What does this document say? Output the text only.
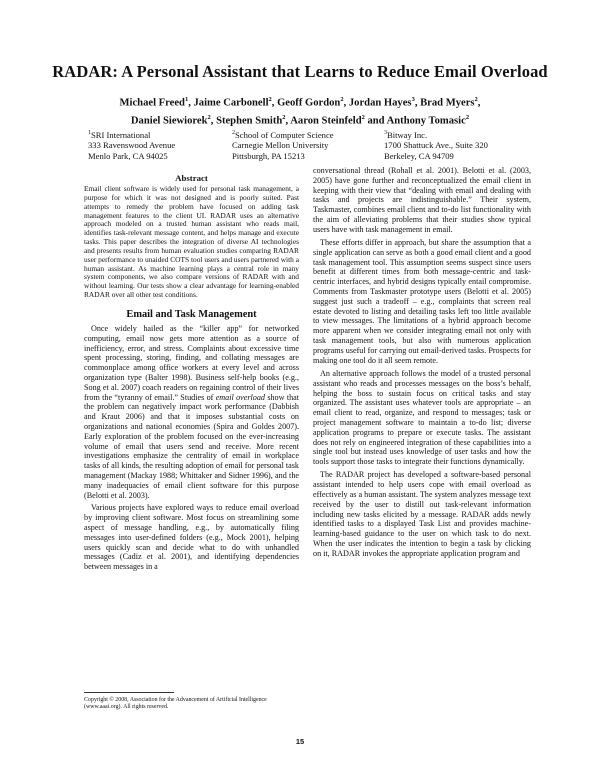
RADAR: A Personal Assistant that Learns to Reduce Email Overload
Michael Freed$^1$, Jaime Carbonell$^2$, Geoff Gordon$^2$, Jordan Hayes$^3$, Brad Myers$^2$,
Daniel Siewiorek$^2$, Stephen Smith$^2$, Aaron Steinfeld$^2$ and Anthony Tomasic$^2$
$^1$SRI International
333 Ravenswood Avenue
Menlo Park, CA 94025
$^2$School of Computer Science
Carnegie Mellon University
Pittsburgh, PA 15213
$^3$Bitway Inc.
1700 Shattuck Ave., Suite 320
Berkeley, CA 94709
Abstract

Email client software is widely used for personal task management, a purpose for which it was not designed and is poorly suited. Past attempts to remedy the problem have focused on adding task management features to the client UI. RADAR uses an alternative approach modeled on a trusted human assistant who reads mail, identifies task-relevant message content, and helps manage and execute tasks. This paper describes the integration of diverse AI technologies and presents results from human evaluation studies comparing RADAR user performance to unaided COTS tool users and users partnered with a human assistant. As machine learning plays a central role in many system components, we also compare versions of RADAR with and without learning. Our tests show a clear advantage for learning-enabled RADAR over all other test conditions.

Email and Task Management

Once widely hailed as the “killer app” for networked computing, email now gets more attention as a source of inefficiency, error, and stress. Complaints about excessive time spent processing, storing, finding, and collating messages are commonplace among office workers at every level and across organization type (Balter 1998). Business self-help books (e.g., Song et al. 2007) coach readers on regaining control of their lives from the “tyranny of email.” Studies of email overload show that the problem can negatively impact work performance (Dabbish and Kraut 2006) and that it imposes substantial costs on organizations and national economies (Spira and Goldes 2007). Early exploration of the problem focused on the ever-increasing volume of email that users send and receive. More recent investigations emphasize the centrality of email in workplace tasks of all kinds, the resulting adoption of email for personal task management (Mackay 1988; Whittaker and Sidner 1996), and the many inadequacies of email client software for this purpose (Belotti et al. 2003).

Various projects have explored ways to reduce email overload by improving client software. Most focus on streamlining some aspect of message handling, e.g., by automatically filing messages into user-defined folders (e.g., Mock 2001), helping users quickly scan and decide what to do with unhandled messages (Cadiz et al. 2001), and identifying dependencies between messages in a

conversational thread (Rohall et al. 2001). Belotti et al. (2003, 2005) have gone further and reconceptualized the email client in keeping with their view that “dealing with email and dealing with tasks and projects are indistinguishable.” Their system, Taskmaster, combines email client and to-do list functionality with the aim of alleviating problems that their studies show typical users have with task management in email.

These efforts differ in approach, but share the assumption that a single application can serve as both a good email client and a good task management tool. This assumption seems suspect since users benefit at different times from both message-centric and task-centric interfaces, and hybrid designs typically entail compromise. Comments from Taskmaster prototype users (Belotti et al. 2005) suggest just such a tradeoff – e.g., complaints that screen real estate devoted to listing and detailing tasks left too little available to view messages. The limitations of a hybrid approach become more apparent when we consider integrating email not only with task management tools, but also with numerous application programs useful for carrying out email-derived tasks. Prospects for making one tool do it all seem remote.

An alternative approach follows the model of a trusted personal assistant who reads and processes messages on the boss’s behalf, helping the boss to sustain focus on critical tasks and stay organized. The assistant uses whatever tools are appropriate – an email client to read, organize, and respond to messages; task or project management software to maintain a to-do list; diverse application programs to prepare or execute tasks. The assistant does not rely on engineered integration of these capabilities into a single tool but instead uses knowledge of user tasks and how the tools support those tasks to integrate their functions dynamically.

The RADAR project has developed a software-based personal assistant intended to help users cope with email overload as effectively as a human assistant. The system analyzes message text received by the user to distill out task-relevant information including new tasks elicited by a message. RADAR adds newly identified tasks to a displayed Task List and provides machine-learning-based guidance to the user on which task to do next. When the user indicates the intention to begin a task by clicking on it, RADAR invokes the appropriate application program and

Copyright © 2008, Association for the Advancement of Artificial Intelligence (www.aaai.org). All rights reserved.
15
